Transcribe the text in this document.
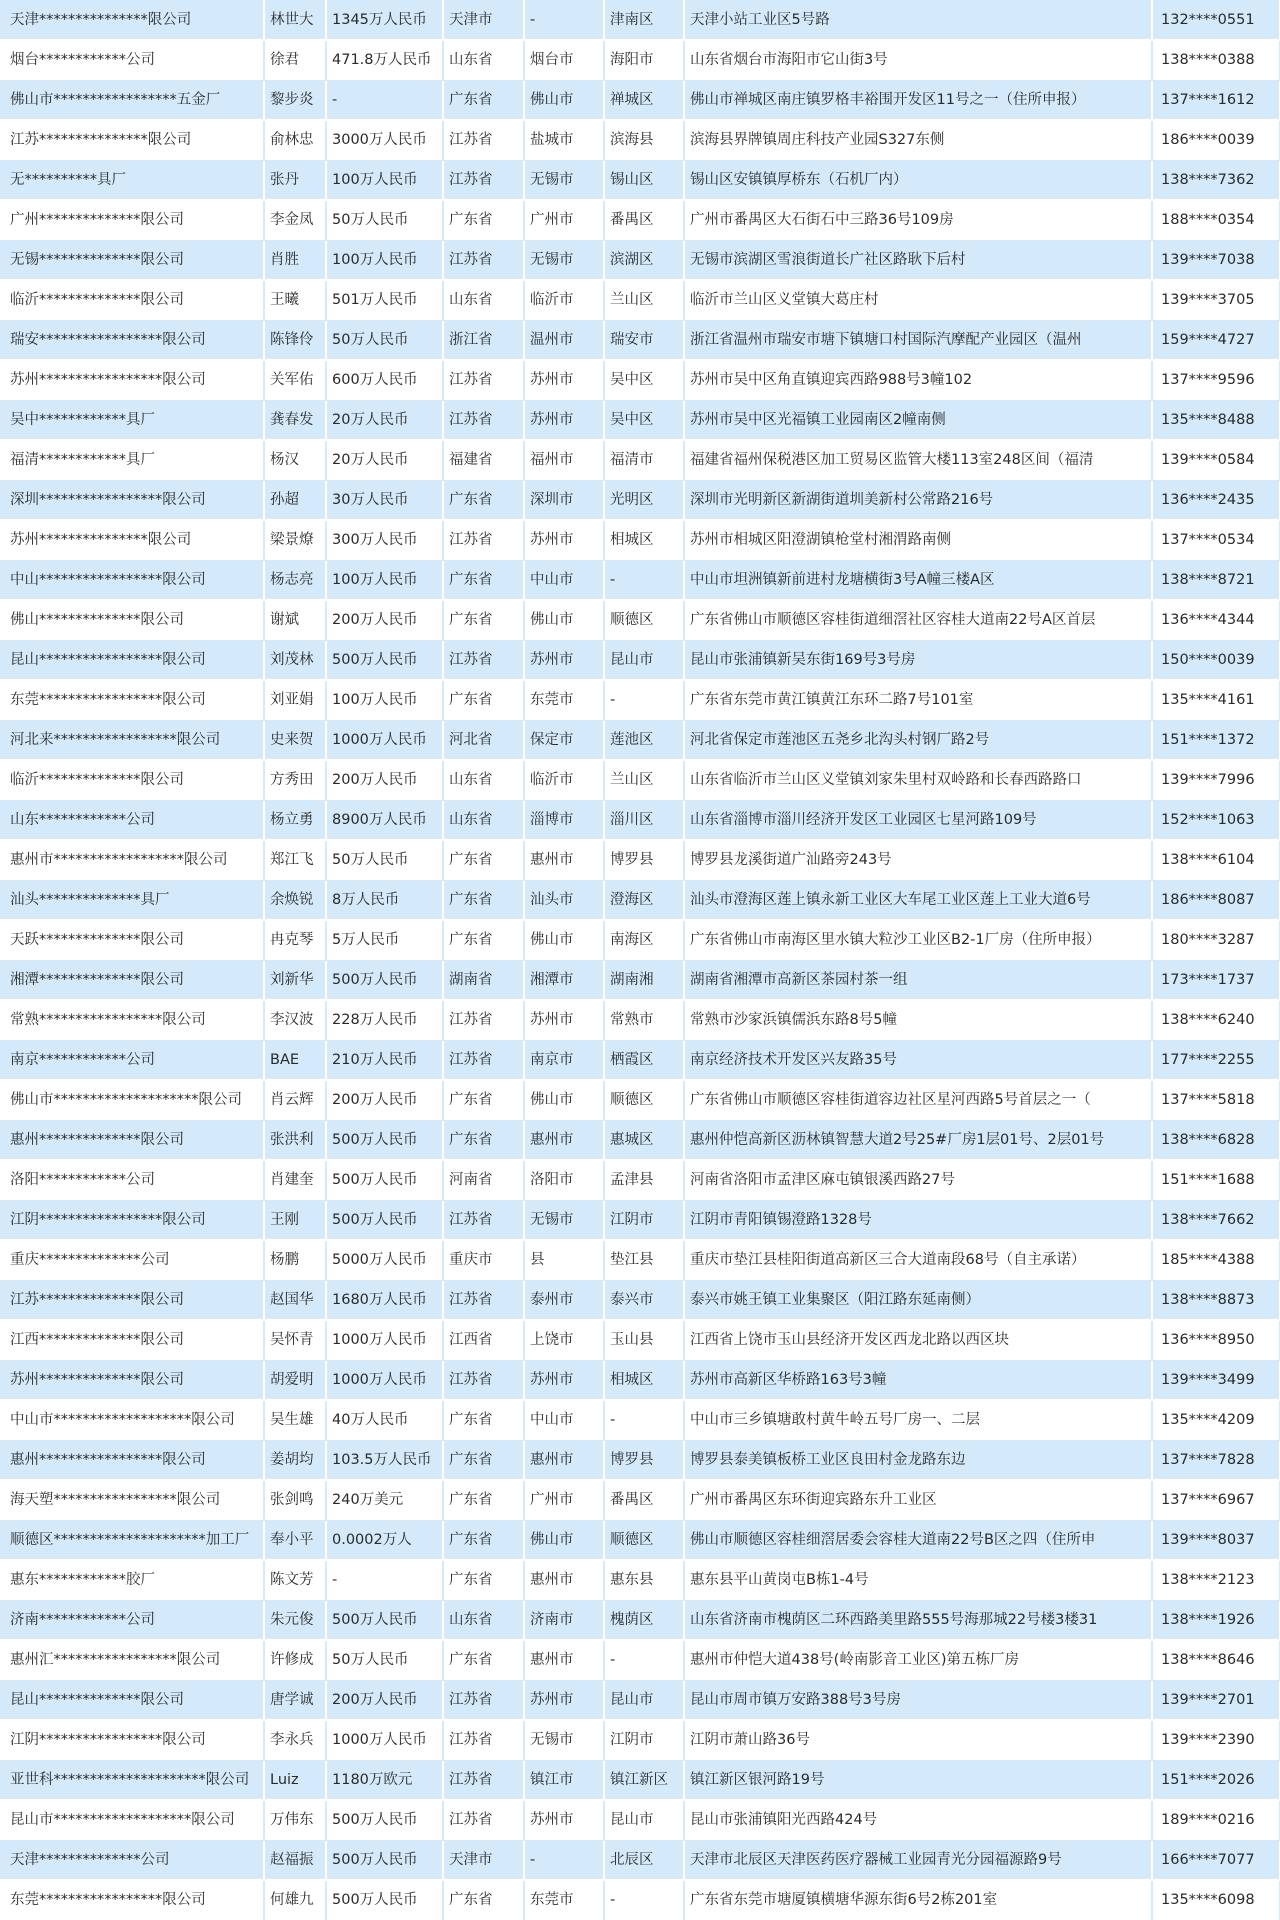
天津***************限公司	林世大	1345万人民币	天津市	-	津南区	天津小站工业区5号路	132****0551
烟台************公司	徐君	471.8万人民币	山东省	烟台市	海阳市	山东省烟台市海阳市它山街3号	138****0388
佛山市*****************五金厂	黎步炎	-	广东省	佛山市	禅城区	佛山市禅城区南庄镇罗格丰裕围开发区11号之一（住所申报）	137****1612
江苏***************限公司	俞林忠	3000万人民币	江苏省	盐城市	滨海县	滨海县界牌镇周庄科技产业园S327东侧	186****0039
无**********具厂	张丹	100万人民币	江苏省	无锡市	锡山区	锡山区安镇镇厚桥东（石机厂内）	138****7362
广州**************限公司	李金凤	50万人民币	广东省	广州市	番禺区	广州市番禺区大石街石中三路36号109房	188****0354
无锡**************限公司	肖胜	100万人民币	江苏省	无锡市	滨湖区	无锡市滨湖区雪浪街道长广社区路耿下后村	139****7038
临沂**************限公司	王曦	501万人民币	山东省	临沂市	兰山区	临沂市兰山区义堂镇大葛庄村	139****3705
瑞安*****************限公司	陈锋伶	50万人民币	浙江省	温州市	瑞安市	浙江省温州市瑞安市塘下镇塘口村国际汽摩配产业园区（温州	159****4727
苏州*****************限公司	关军佑	600万人民币	江苏省	苏州市	吴中区	苏州市吴中区角直镇迎宾西路988号3幢102	137****9596
吴中************具厂	龚春发	20万人民币	江苏省	苏州市	吴中区	苏州市吴中区光福镇工业园南区2幢南侧	135****8488
福清************具厂	杨汉	20万人民币	福建省	福州市	福清市	福建省福州保税港区加工贸易区监管大楼113室248区间（福清	139****0584
深圳*****************限公司	孙超	30万人民币	广东省	深圳市	光明区	深圳市光明新区新湖街道圳美新村公常路216号	136****2435
苏州***************限公司	梁景燎	300万人民币	江苏省	苏州市	相城区	苏州市相城区阳澄湖镇枪堂村湘渭路南侧	137****0534
中山*****************限公司	杨志亮	100万人民币	广东省	中山市	-	中山市坦洲镇新前进村龙塘横街3号A幢三楼A区	138****8721
佛山**************限公司	谢斌	200万人民币	广东省	佛山市	顺德区	广东省佛山市顺德区容桂街道细滘社区容桂大道南22号A区首层	136****4344
昆山*****************限公司	刘茂林	500万人民币	江苏省	苏州市	昆山市	昆山市张浦镇新吴东街169号3号房	150****0039
东莞*****************限公司	刘亚娟	100万人民币	广东省	东莞市	-	广东省东莞市黄江镇黄江东环二路7号101室	135****4161
河北来*****************限公司	史来贺	1000万人民币	河北省	保定市	莲池区	河北省保定市莲池区五尧乡北沟头村钢厂路2号	151****1372
临沂**************限公司	方秀田	200万人民币	山东省	临沂市	兰山区	山东省临沂市兰山区义堂镇刘家朱里村双岭路和长春西路路口	139****7996
山东************公司	杨立勇	8900万人民币	山东省	淄博市	淄川区	山东省淄博市淄川经济开发区工业园区七星河路109号	152****1063
惠州市******************限公司	郑江飞	50万人民币	广东省	惠州市	博罗县	博罗县龙溪街道广汕路旁243号	138****6104
汕头**************具厂	余焕锐	8万人民币	广东省	汕头市	澄海区	汕头市澄海区莲上镇永新工业区大车尾工业区莲上工业大道6号	186****8087
天跃**************限公司	冉克琴	5万人民币	广东省	佛山市	南海区	广东省佛山市南海区里水镇大粒沙工业区B2-1厂房（住所申报）	180****3287
湘潭**************限公司	刘新华	500万人民币	湖南省	湘潭市	湖南湘	湖南省湘潭市高新区茶园村茶一组	173****1737
常熟*****************限公司	李汉波	228万人民币	江苏省	苏州市	常熟市	常熟市沙家浜镇儒浜东路8号5幢	138****6240
南京************公司	BAE	210万人民币	江苏省	南京市	栖霞区	南京经济技术开发区兴友路35号	177****2255
佛山市********************限公司	肖云辉	200万人民币	广东省	佛山市	顺德区	广东省佛山市顺德区容桂街道容边社区星河西路5号首层之一（	137****5818
惠州**************限公司	张洪利	500万人民币	广东省	惠州市	惠城区	惠州仲恺高新区沥林镇智慧大道2号25#厂房1层01号、2层01号	138****6828
洛阳************公司	肖建奎	500万人民币	河南省	洛阳市	孟津县	河南省洛阳市孟津区麻屯镇银溪西路27号	151****1688
江阴*****************限公司	王刚	500万人民币	江苏省	无锡市	江阴市	江阴市青阳镇锡澄路1328号	138****7662
重庆**************公司	杨鹏	5000万人民币	重庆市	县	垫江县	重庆市垫江县桂阳街道高新区三合大道南段68号（自主承诺）	185****4388
江苏**************限公司	赵国华	1680万人民币	江苏省	泰州市	泰兴市	泰兴市姚王镇工业集聚区（阳江路东延南侧）	138****8873
江西**************限公司	吴怀青	1000万人民币	江西省	上饶市	玉山县	江西省上饶市玉山县经济开发区西龙北路以西区块	136****8950
苏州**************限公司	胡爱明	1000万人民币	江苏省	苏州市	相城区	苏州市高新区华桥路163号3幢	139****3499
中山市*******************限公司	吴生雄	40万人民币	广东省	中山市	-	中山市三乡镇塘敢村黄牛岭五号厂房一、二层	135****4209
惠州*****************限公司	姜胡均	103.5万人民币	广东省	惠州市	博罗县	博罗县泰美镇板桥工业区良田村金龙路东边	137****7828
海天塑*****************限公司	张剑鸣	240万美元	广东省	广州市	番禺区	广州市番禺区东环街迎宾路东升工业区	137****6967
顺德区*********************加工厂	奉小平	0.0002万人	广东省	佛山市	顺德区	佛山市顺德区容桂细滘居委会容桂大道南22号B区之四（住所申	139****8037
惠东************胶厂	陈文芳	-	广东省	惠州市	惠东县	惠东县平山黄岗屯B栋1-4号	138****2123
济南************公司	朱元俊	500万人民币	山东省	济南市	槐荫区	山东省济南市槐荫区二环西路美里路555号海那城22号楼3楼31	138****1926
惠州汇*****************限公司	许修成	50万人民币	广东省	惠州市	-	惠州市仲恺大道438号(岭南影音工业区)第五栋厂房	138****8646
昆山**************限公司	唐学诚	200万人民币	江苏省	苏州市	昆山市	昆山市周市镇万安路388号3号房	139****2701
江阴*****************限公司	李永兵	1000万人民币	江苏省	无锡市	江阴市	江阴市萧山路36号	139****2390
亚世科*********************限公司	Luiz	1180万欧元	江苏省	镇江市	镇江新区	镇江新区银河路19号	151****2026
昆山市*******************限公司	万伟东	500万人民币	江苏省	苏州市	昆山市	昆山市张浦镇阳光西路424号	189****0216
天津**************公司	赵福振	500万人民币	天津市	-	北辰区	天津市北辰区天津医药医疗器械工业园青光分园福源路9号	166****7077
东莞*****************限公司	何雄九	500万人民币	广东省	东莞市	-	广东省东莞市塘厦镇横塘华源东街6号2栋201室	135****6098
